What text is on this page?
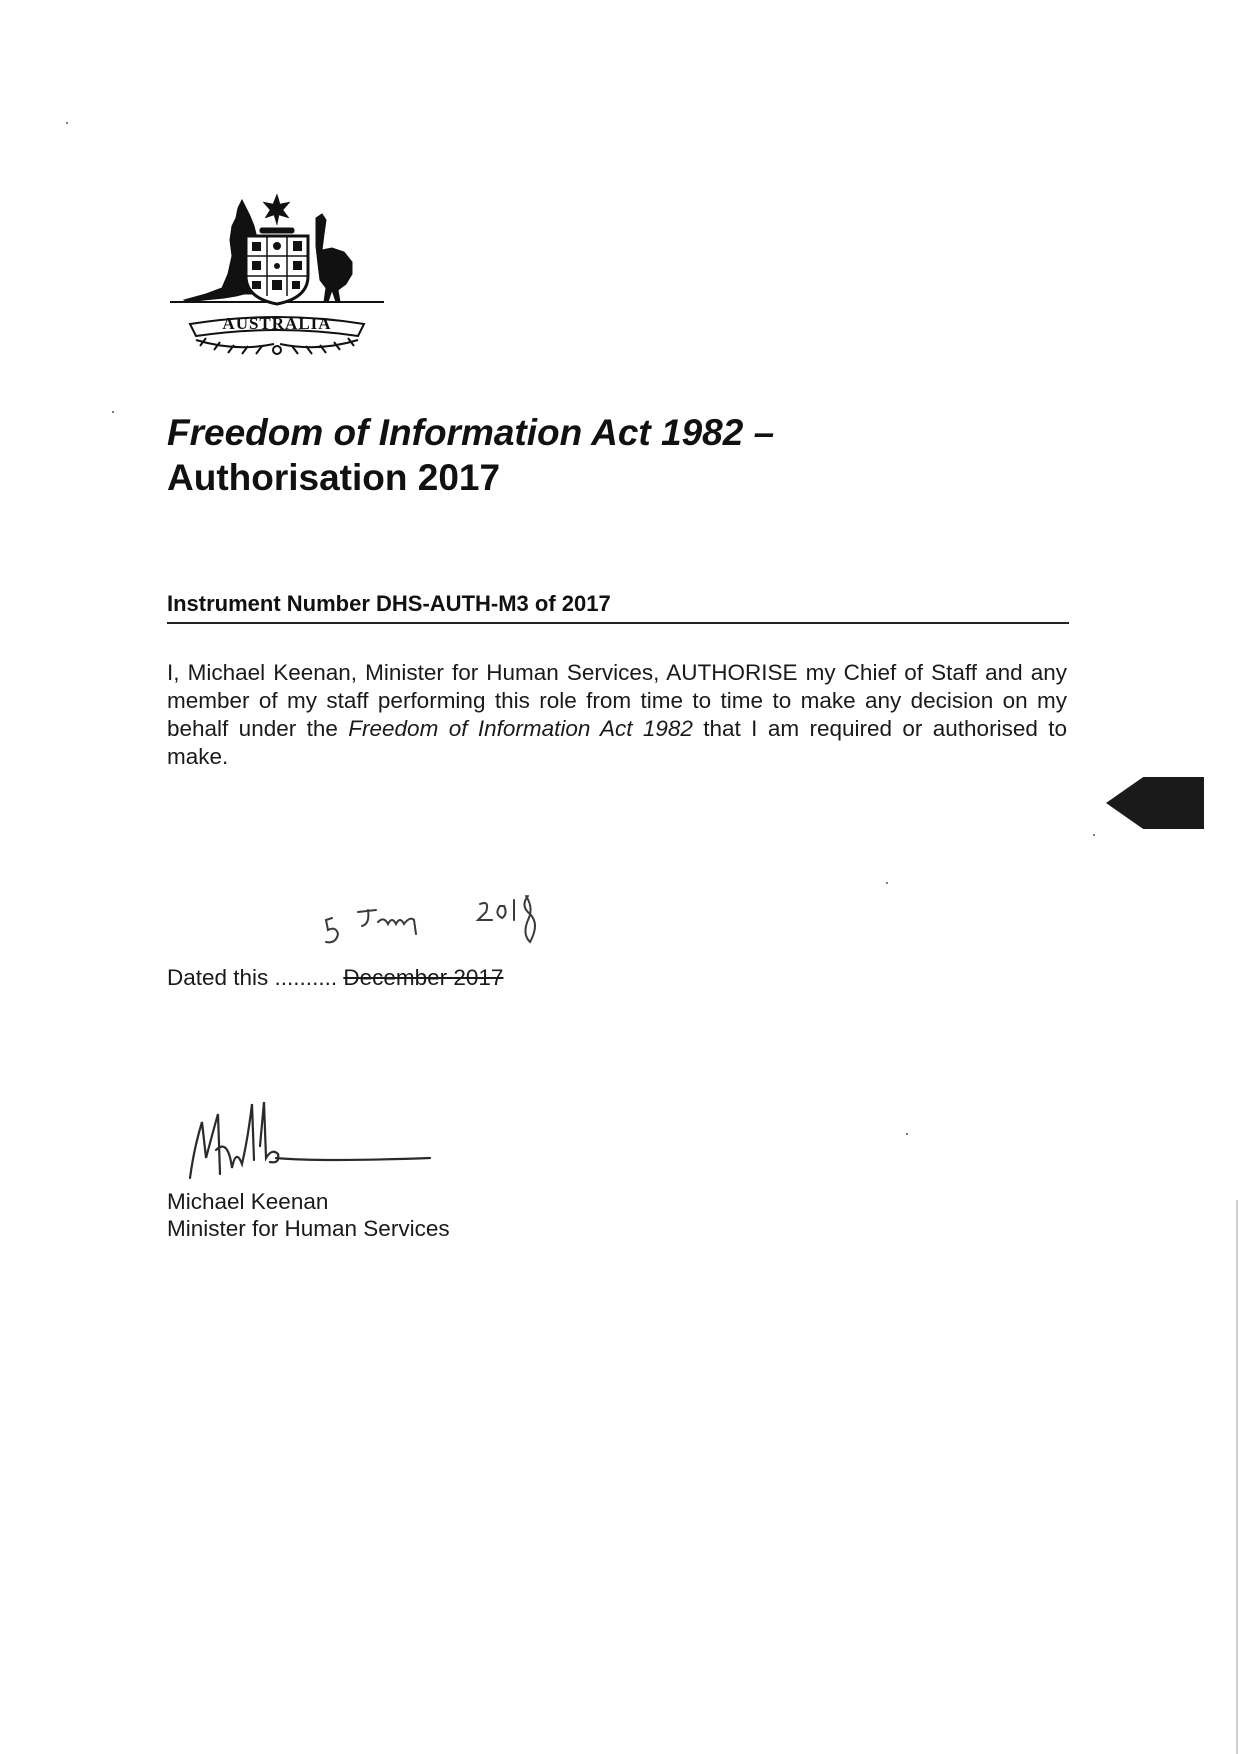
AUSTRALIA
Freedom of Information Act 1982 –
Authorisation 2017
Instrument Number DHS-AUTH-M3 of 2017

I, Michael Keenan, Minister for Human Services, AUTHORISE my Chief of Staff and any member of my staff performing this role from time to time to make any decision on my behalf under the Freedom of Information Act 1982 that I am required or authorised to make.

Dated this .......... December 2017
Michael Keenan
Minister for Human Services
